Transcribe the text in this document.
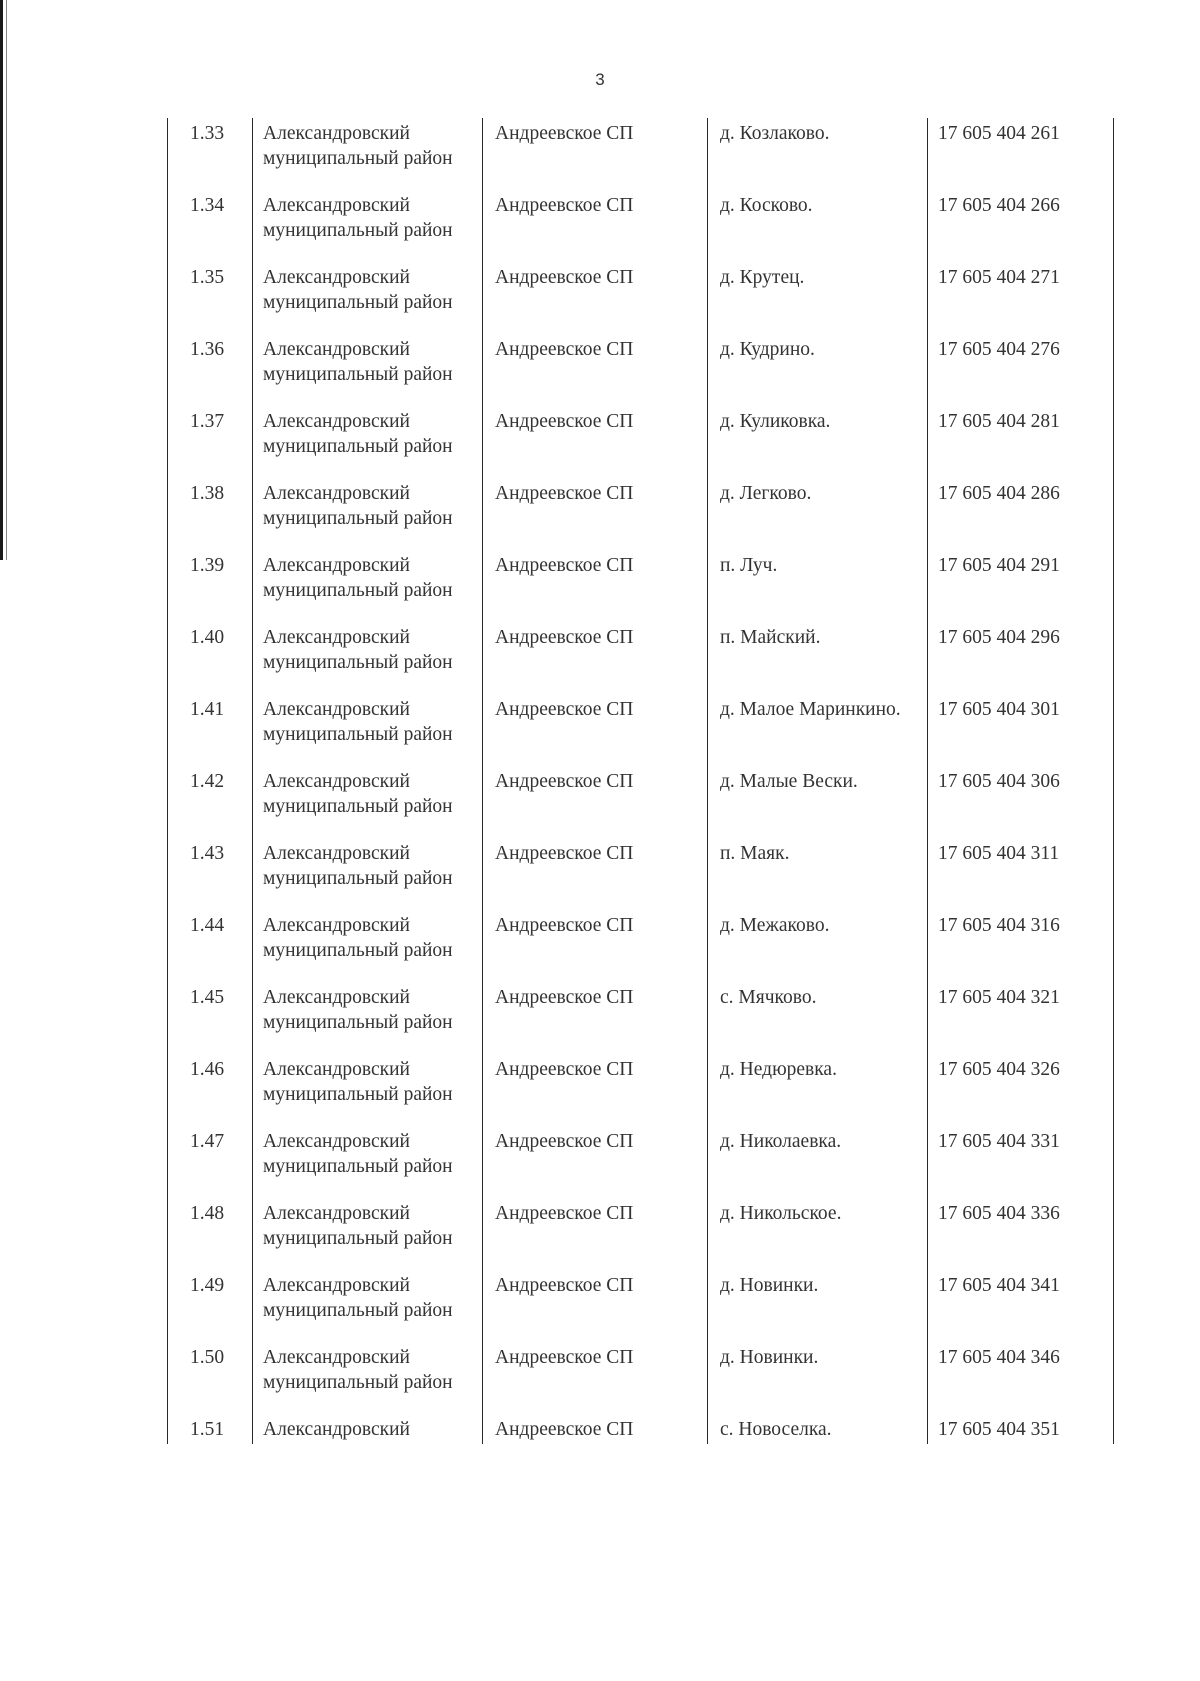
3
1.33	Александровский муниципальный район	Андреевское СП	д. Козлаково.	17 605 404 261
1.34	Александровский муниципальный район	Андреевское СП	д. Косково.	17 605 404 266
1.35	Александровский муниципальный район	Андреевское СП	д. Крутец.	17 605 404 271
1.36	Александровский муниципальный район	Андреевское СП	д. Кудрино.	17 605 404 276
1.37	Александровский муниципальный район	Андреевское СП	д. Куликовка.	17 605 404 281
1.38	Александровский муниципальный район	Андреевское СП	д. Легково.	17 605 404 286
1.39	Александровский муниципальный район	Андреевское СП	п. Луч.	17 605 404 291
1.40	Александровский муниципальный район	Андреевское СП	п. Майский.	17 605 404 296
1.41	Александровский муниципальный район	Андреевское СП	д. Малое Маринкино.	17 605 404 301
1.42	Александровский муниципальный район	Андреевское СП	д. Малые Вески.	17 605 404 306
1.43	Александровский муниципальный район	Андреевское СП	п. Маяк.	17 605 404 311
1.44	Александровский муниципальный район	Андреевское СП	д. Межаково.	17 605 404 316
1.45	Александровский муниципальный район	Андреевское СП	с. Мячково.	17 605 404 321
1.46	Александровский муниципальный район	Андреевское СП	д. Недюревка.	17 605 404 326
1.47	Александровский муниципальный район	Андреевское СП	д. Николаевка.	17 605 404 331
1.48	Александровский муниципальный район	Андреевское СП	д. Никольское.	17 605 404 336
1.49	Александровский муниципальный район	Андреевское СП	д. Новинки.	17 605 404 341
1.50	Александровский муниципальный район	Андреевское СП	д. Новинки.	17 605 404 346
1.51	Александровский	Андреевское СП	с. Новоселка.	17 605 404 351
